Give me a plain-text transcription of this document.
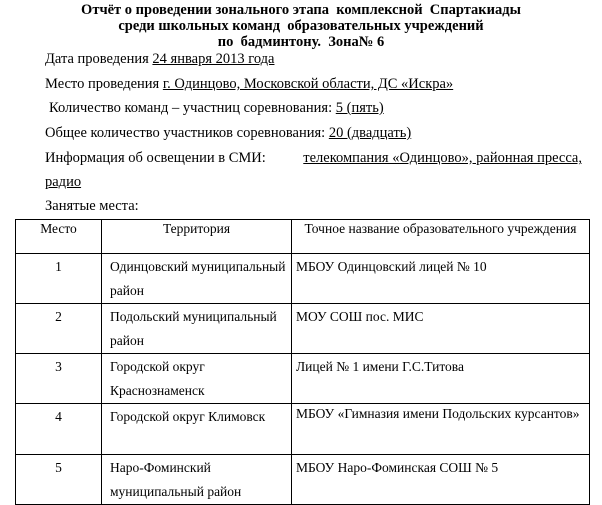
Отчёт о проведении зонального этапа  комплексной  Спартакиады
среди школьных команд  образовательных учреждений
по  бадминтону. Зона№ 6
Дата проведения 24 января 2013 года
Место проведения г. Одинцово, Московской области, ДС «Искра»
Количество команд – участниц соревнования: 5 (пять)
Общее количество участников соревнования: 20 (двадцать)
Информация об освещении в СМИ:	телекомпания «Одинцово», районная пресса,
радио
Занятые места:
Место	Территория	Точное название образовательного учреждения
1	Одинцовский муниципальный район	МБОУ Одинцовский лицей № 10
2	Подольский муниципальный район	МОУ СОШ пос. МИС
3	Городской округ Краснознаменск	Лицей № 1 имени Г.С.Титова
4	Городской округ Климовск	МБОУ «Гимназия имени Подольских курсантов»
5	Наро-Фоминский муниципальный район	МБОУ Наро-Фоминская СОШ № 5
